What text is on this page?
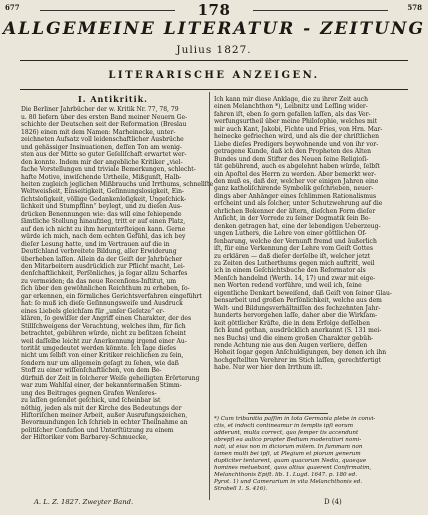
677	578
178
ALLGEMEINE LITERATUR - ZEITUNG
Julius 1827.
LITERARISCHE ANZEIGEN.
I. Antikritik.
Die Berliner Jahrbücher der w. Kritik Nr. 77, 78, 79
u. 80 liefern über des ersten Band meiner Neuern Ge-
schichte der Deutschen seit der Reformation (Breslau
1826) einen mit dem Namen: Marheinecke, unter-
zeichneten Aufsatz voll leidenschaftlicher Ausbrüche
und gehässiger Insinuationen, deſſen Ton am wenig-
sten aus der Mitte so guter Geſellſchaft erwartet wer-
den konnte. Indem mir der angebliche Kritiker „viel-
fache Vorstellungen und triviale Bemerkungen, schlecht-
hafte Motive, inwiſchende Urtheile, Mißgunſt, Halb-
heiten zugleich jeglichen Mißbrauchs und Irrthums, schnellſte
Weltweisheit, Einseitigkeit, Geſinnungslosigkeit, Ein-
ſichtsloſigkeit, völlige Gedankenloſigkeit, Ungeſchick-
lichkeit und Stumpfſinn“ beylegt, und zu dieſen Aus-
drücken Benennungen wie: das will eine ſehiepende
ſämtliche Stellung hinaufzieg, tritt er auf einen Platz,
auf den ich nicht zu ihm herunterſteigen kann. Gerne
würde ich mich, nach dem echten Gefühl, das ich bey
dieſer Lesung hatte, und im Vertrauen auf die in
Deutſchland verbreitete Bildung, aller Erwiderung
überheben laſſen. Allein da der Geiſt der Jahrbücher
den Mitarbeitern ausdrücklich zur Pflicht macht, Lei-
denſchaftlichkeit, Perſönliches, ja ſogar allzu Scharfes
zu vermeiden; da das neue Recenſions-Inſtitut, um
ſich über den gewöhnlichen Reichthum zu erheben, ſo-
gar erkennen, ein förmliches Gerichtsverfahren eingeführt
hat: ſo muß ich dieſe Geſinnungsweiſe und Ausdruck
eines Liebels gleichſam für „unſer Geſetze“ er-
klären, ſo gewiſſer der Angriff einen Charakter, der des
Stillſchweigens der Verachtung, welches ihm, für ſich
betrachtet, gebühren würde, nicht zu beſitzen ſcheint
weil daſſelbe leicht zur Anerkennung irgend einer Au-
torität umgedeutet werden könnte. Ich ſage dieſes
nicht um ſelbſt von einer Kritiker reichlichen zu ſein,
ſondern nur um allgemein geſagt zu ſehen, wie daß
Stoff zu einer wiſſenſchaftlichen, von dem Be-
dürfniß der Zeit in ſolcherer Weiſe geheiligten Erörterung
war zum Wahlſal einer, der bekanntermaßen Stimm-
ung des Beitrages gegnen Grafen Wenſeres-
zu laſſen geſendet geſchick, und ſcheinbar ist
nöthig, jeden als mit der Kirche des Bedeutungs der
Hiſtoriſchen meiner Arbeit, außer Ausrufungszeichen,
Bevormundungen Ich ſchrieb in echter Theilnahme an
politiſcher Confuſion und Unterſtützung zu einem
der Hiſtoriker vom Barbarey-Schmuecke,
Ich kann mir diese Anklage, die zu ihrer Zeit auch
einen Melanchthon *), Leibnitz und Leſſing wider-
fahren iſt, eben ſo gern gefallen laſſen, als das Ver-
werfungsurtheil über meine Philoſophie, welches mit
mir auch Kant, Jakobi, Fichte und Fries, von Hrn. Mar-
heinecke gefriechen wird, und als die der chriſtlichen
Liebe dieſes Predigers beywohnende und von ihr vor-
getragene Kunde, daß ich den Propheten des Alten
Bundes und dem Stifter des Neuen ſeine Religioſi-
tät gebührend, auch es abgelehnt haben würde, ſelbſt
ein Apoſtel des Herrn zu werden. Aber bemerkt wer-
den muß es, daß der, welcher vor einigen Jahren eine
ganz katholiſchirende Symbolik geſchrieben, neuer-
dings aber Anhänger eines ſchlimmen Rationalismus
erſcheint und als ſolcher, unter Schutzwehrung auf die
ehrlichen Bekenner der ältern, dieſchen Form dieſer
Anſicht, in der Vorrede zu ſeiner Dogmatik ſein Be-
denken getragen hat, eine der lebendigen Ueberzeug-
ungen Luthers, die Lehre von einer göttlichen Of-
fenbarung, welche der Vernunft fremd und äußerlich
iſt, für eine Verkennung der Lehre vom Geiſt Gottes
zu erklären — daß dieſer derſelbe iſt, welcher jetzt
zu Zeiten des Lutherthums gegen mich auftritt, weil
ich in einem Geſchichtsbuche den Reformator als
Menſch handelnd (Werth. 14, 17) und zwar mit eige-
nen Worten redend vorführe, und weil ich, ſeine
eigentliche Denkart beweiſend, daß Geiſt von ſeiner Glau-
bensarbeit und großen Perſönlichkeit, welche aus dem
Welt- und Bildungsverhältniſſen des fechzehnten Jahr-
hunderts hervorgehen laſſe, daher aber die Wirkſam-
keit göttlicher Kräfte, die in dem Erfolge deſſelben
ſich kund gethan, ausdrücklich anerkannt (S. 131 mei-
nes Buchs) und die einem großen Charakter gebüh-
rende Achtung nie aus den Augen verliere, deſſen
Hoheit ſogar gegen Anſchuldigungen, bey denen ich ihn
hochgeſtellten Verehrer im Stich laſſen, gerechtfertigt
habe. Nur wer hier den Irrthum iſt.
*) Cum tribunitia paſſim in tota Germania plebe in convi-
ctis, et indocti contineamur in templis ipſi eorum
adderunt, multa correct, quo ſemper tis accendunt
obrepſi ea aulico propter Bedium moderatiori nomi-
nati, ut eius non in diciorum mitem. In ſummam non
tamen multi bei ipſi, ut Plegium et piorum generum
dupliciter tentarent, quam quacorum Nedia, quaeque
homines metuebant, quos altius quaerent Confirmatim,
Melanchthonis Epiſt. lib. 1. Lugd. 1647. p. 180 ed.
Pyrot. 1) und Camerarium in vita Melanchthonis ed.
Strobell 1. S. 416).
A. L. Z. 1827. Zweyter Band.	D (4)
